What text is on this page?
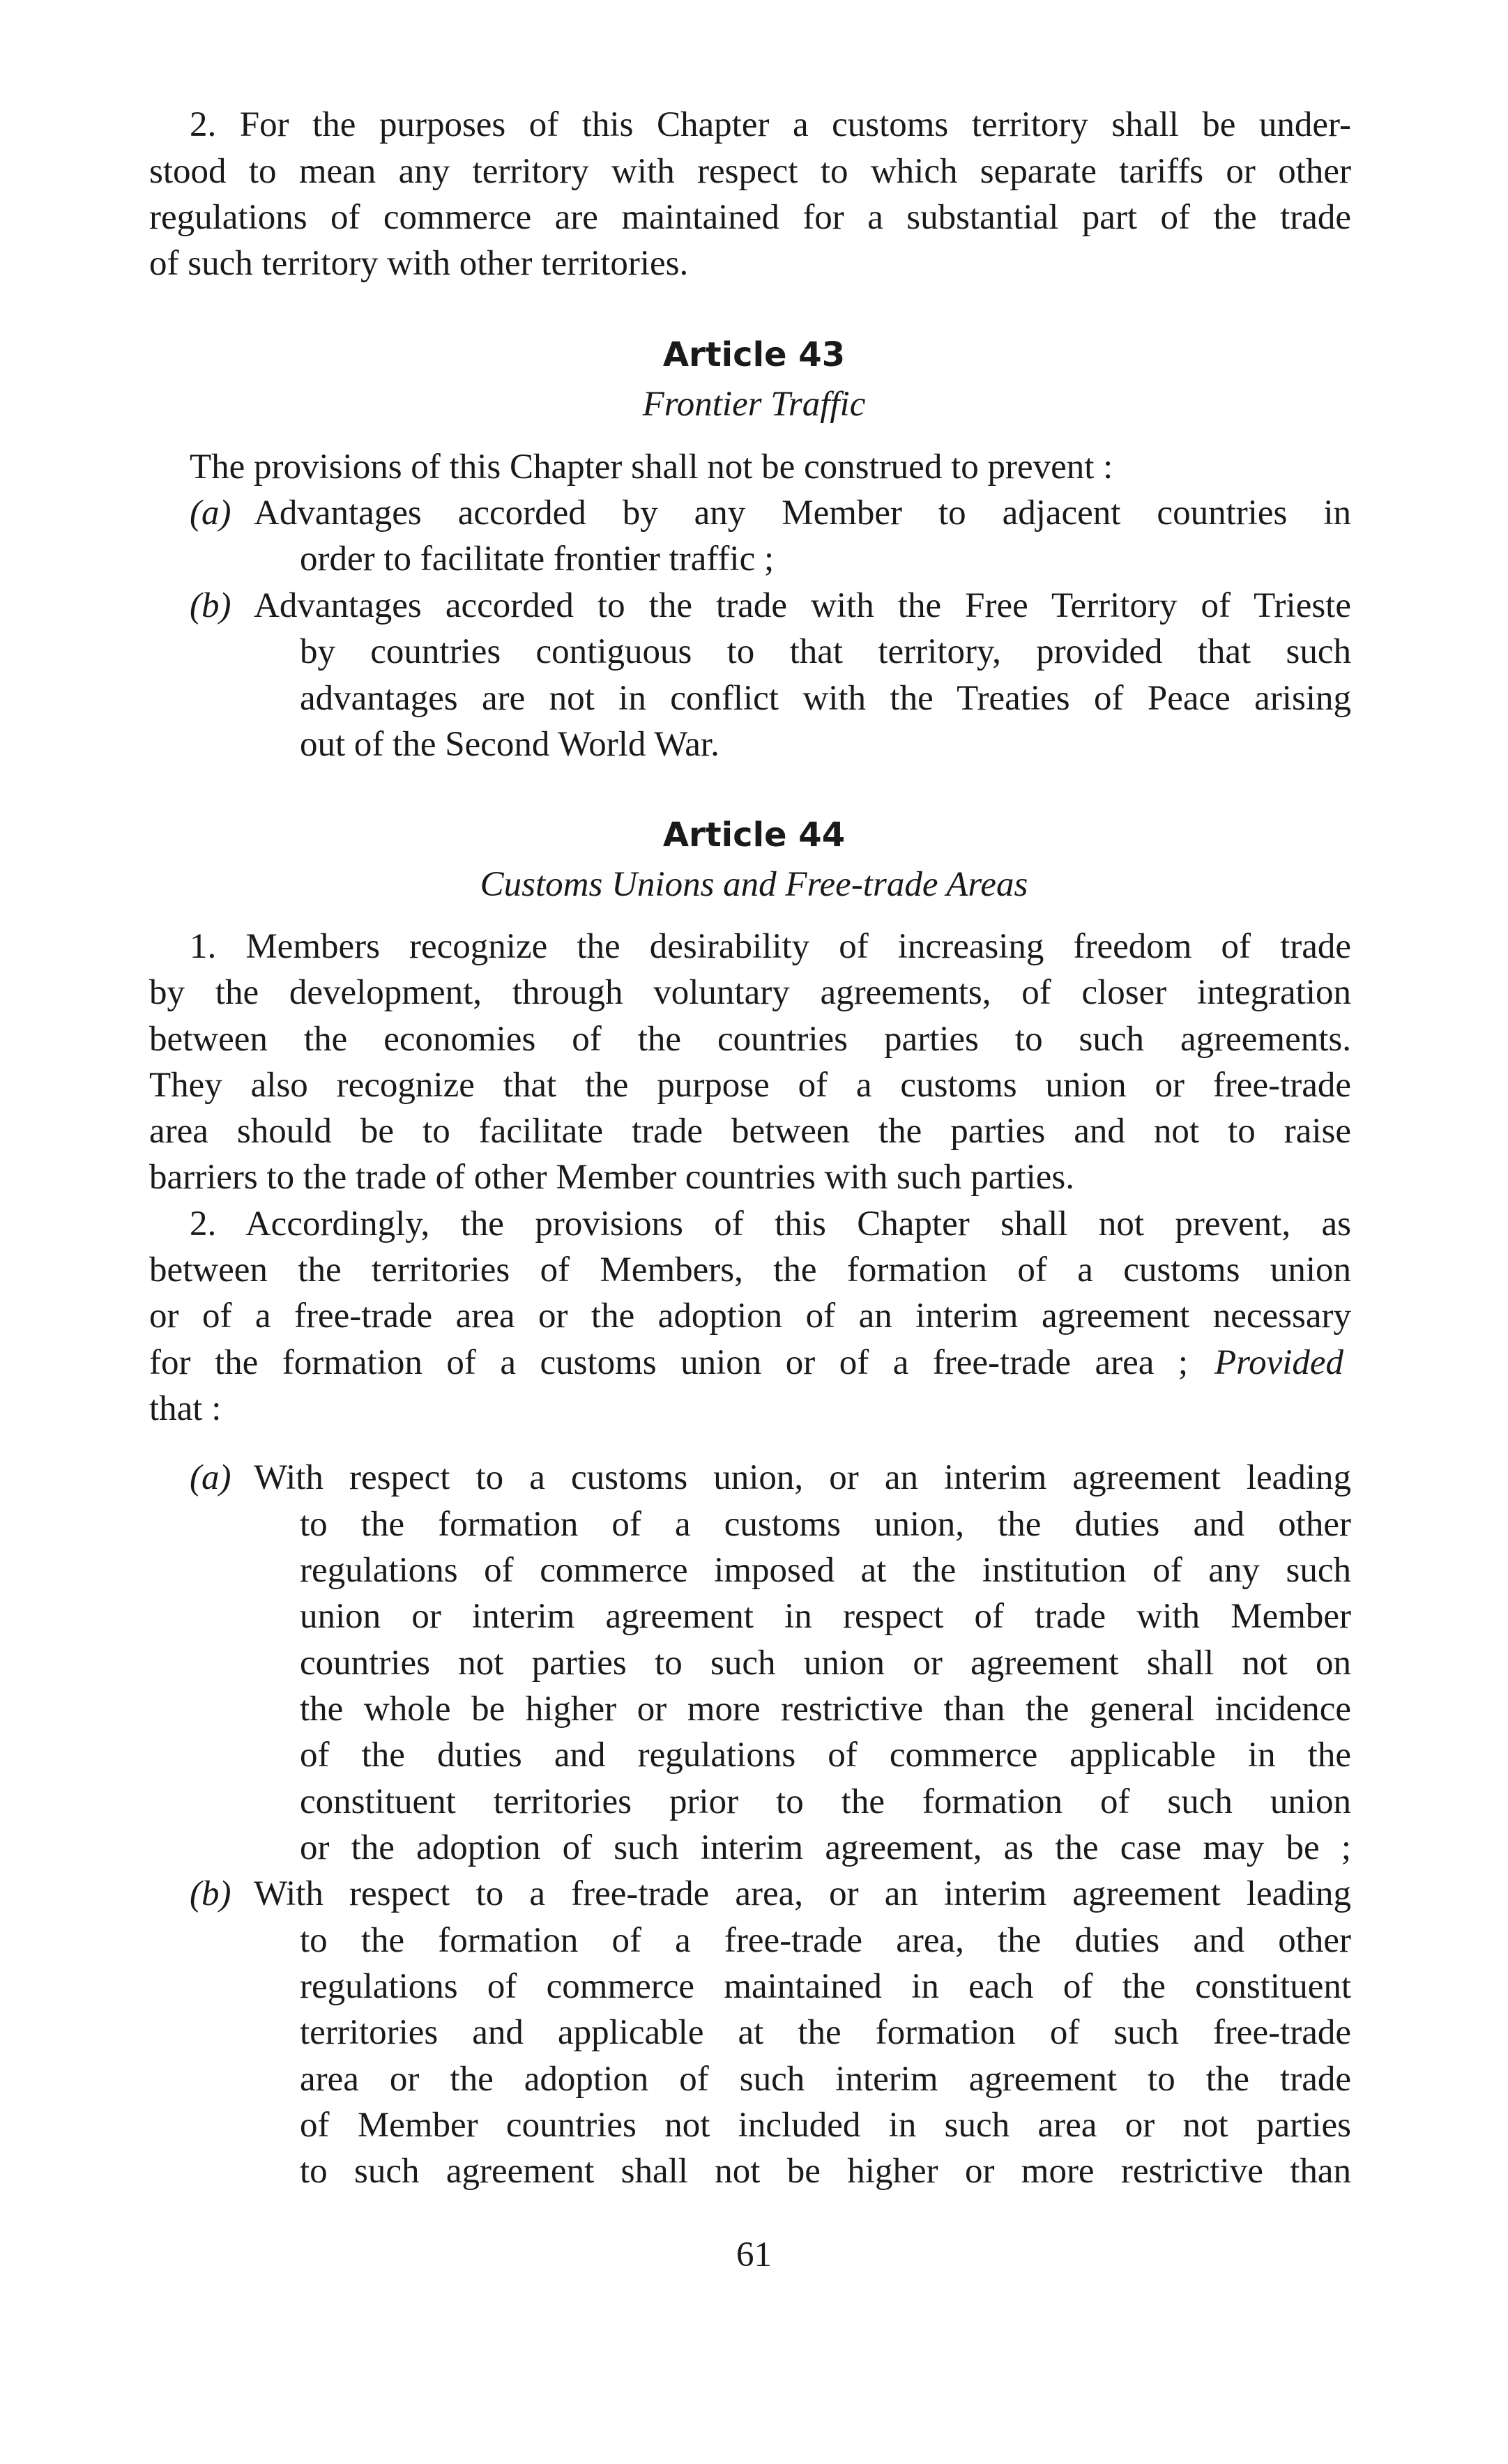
2. For the purposes of this Chapter a customs territory shall be under-

stood to mean any territory with respect to which separate tariffs or other

regulations of commerce are maintained for a substantial part of the trade

of such territory with other territories.

Article 43

Frontier Traffic

The provisions of this Chapter shall not be construed to prevent :

(a) Advantages accorded by any Member to adjacent countries in

order to facilitate frontier traffic ;

(b) Advantages accorded to the trade with the Free Territory of Trieste

by countries contiguous to that territory, provided that such

advantages are not in conflict with the Treaties of Peace arising

out of the Second World War.

Article 44

Customs Unions and Free-trade Areas

1. Members recognize the desirability of increasing freedom of trade

by the development, through voluntary agreements, of closer integration

between the economies of the countries parties to such agreements.

They also recognize that the purpose of a customs union or free-trade

area should be to facilitate trade between the parties and not to raise

barriers to the trade of other Member countries with such parties.

2. Accordingly, the provisions of this Chapter shall not prevent, as

between the territories of Members, the formation of a customs union

or of a free-trade area or the adoption of an interim agreement necessary

for the formation of a customs union or of a free-trade area ; Provided

that :

(a) With respect to a customs union, or an interim agreement leading

to the formation of a customs union, the duties and other

regulations of commerce imposed at the institution of any such

union or interim agreement in respect of trade with Member

countries not parties to such union or agreement shall not on

the whole be higher or more restrictive than the general incidence

of the duties and regulations of commerce applicable in the

constituent territories prior to the formation of such union

or the adoption of such interim agreement, as the case may be ;

(b) With respect to a free-trade area, or an interim agreement leading

to the formation of a free-trade area, the duties and other

regulations of commerce maintained in each of the constituent

territories and applicable at the formation of such free-trade

area or the adoption of such interim agreement to the trade

of Member countries not included in such area or not parties

to such agreement shall not be higher or more restrictive than

61
